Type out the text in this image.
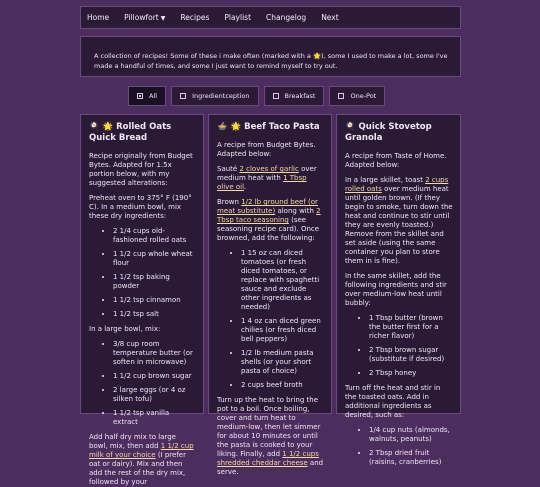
Home Pillowfort ▼ Recipes Playlist Changelog Next
A collection of recipes! Some of these i make often (marked with a 🌟), some I used to make a lot, some I've made a handful of times, and some I just want to remind myself to try out.
All	Ingredientception	Breakfast	One-Pot
🍳 🌟 Rolled Oats Quick Bread

Recipe originally from Budget Bytes. Adapted for 1.5x portion below, with my suggested alterations:

Preheat oven to 375° F (190° C). In a medium bowl, mix these dry ingredients:

• 2 1/4 cups old-fashioned rolled oats
• 1 1/2 cup whole wheat flour
• 1 1/2 tsp baking powder
• 1 1/2 tsp cinnamon
• 1 1/2 tsp salt

In a large bowl, mix:

• 3/8 cup room temperature butter (or soften in microwave)
• 1 1/2 cup brown sugar
• 2 large eggs (or 4 oz silken tofu)
• 1 1/2 tsp vanilla extract

Add half dry mix to large bowl, mix, then add 1 1/2 cup milk of your choice (I prefer oat or dairy). Mix and then add the rest of the dry mix, followed by your

🍲 🌟 Beef Taco Pasta

A recipe from Budget Bytes. Adapted below:

Sauté 2 cloves of garlic over medium heat with 1 Tbsp olive oil.

Brown 1/2 lb ground beef (or meat substitute) along with 2 Tbsp taco seasoning (see seasoning recipe card). Once browned, add the following:

• 1 15 oz can diced tomatoes (or fresh diced tomatoes, or replace with spaghetti sauce and exclude other ingredients as needed)
• 1 4 oz can diced green chilies (or fresh diced bell peppers)
• 1/2 lb medium pasta shells (or your short pasta of choice)
• 2 cups beef broth

Turn up the heat to bring the pot to a boil. Once boiling, cover and turn heat to medium-low, then let simmer for about 10 minutes or until the pasta is cooked to your liking. Finally, add 1 1/2 cups shredded cheddar cheese and serve.

🍳 Quick Stovetop Granola

A recipe from Taste of Home. Adapted below:

In a large skillet, toast 2 cups rolled oats over medium heat until golden brown. (If they begin to smoke, turn down the heat and continue to stir until they are evenly toasted.) Remove from the skillet and set aside (using the same container you plan to store them in is fine).

In the same skillet, add the following ingredients and stir over medium-low heat until bubbly:

• 1 Tbsp butter (brown the butter first for a richer flavor)
• 2 Tbsp brown sugar (substitute if desired)
• 2 Tbsp honey

Turn off the heat and stir in the toasted oats. Add in additional ingredients as desired, such as:

• 1/4 cup nuts (almonds, walnuts, peanuts)
• 2 Tbsp dried fruit (raisins, cranberries)
